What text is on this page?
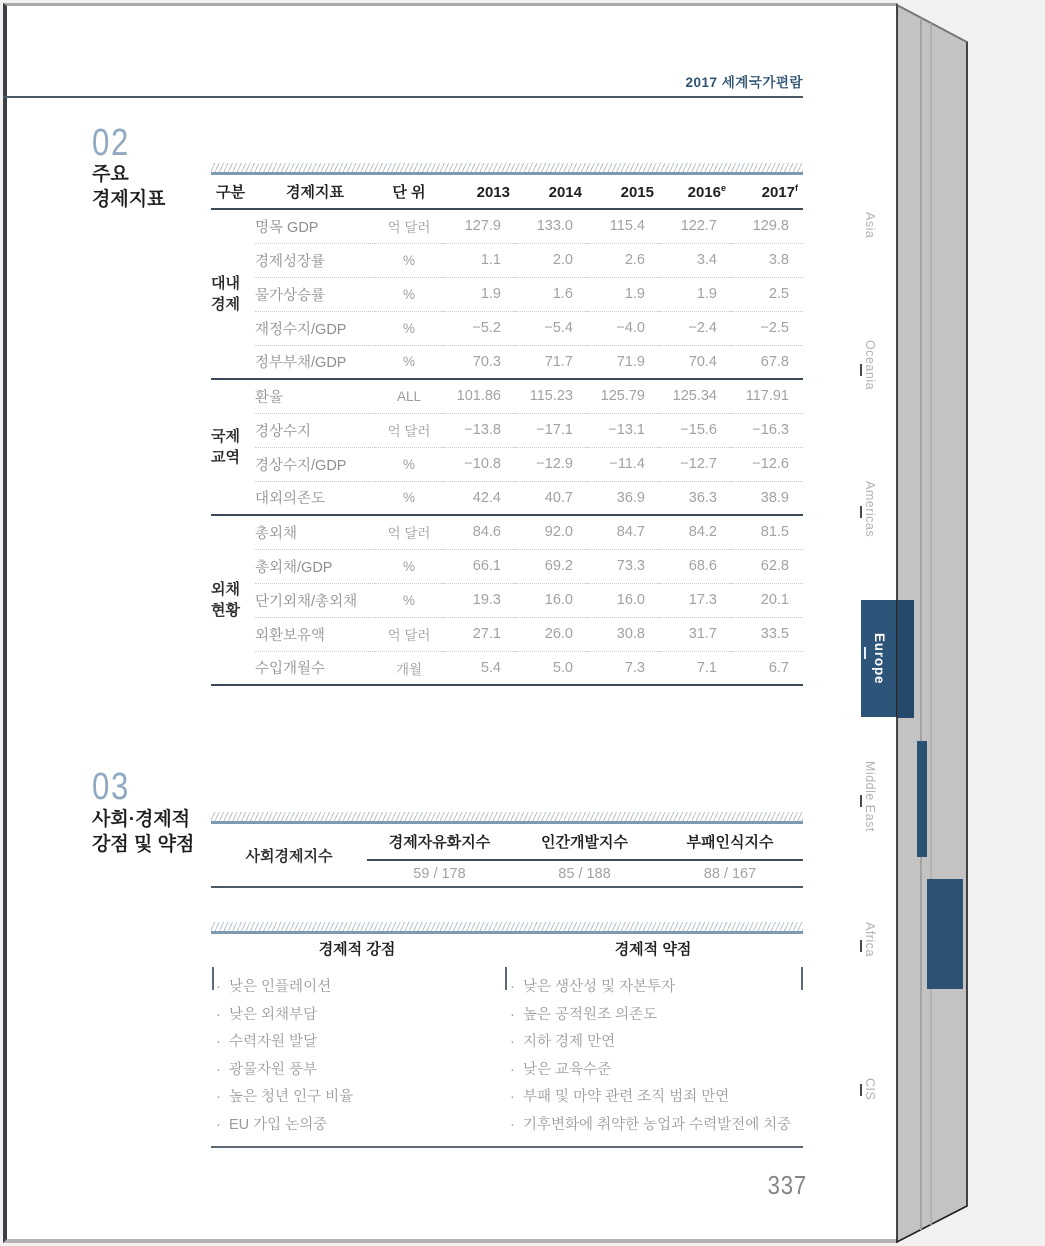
2017 세계국가편람
02
주요
경제지표	구분	경제지표	단 위	2013	2014	2015	2016e	2017$^f$

대내
경제	명목 GDP	억 달러	127.9	133.0	115.4	122.7	129.8
	경제성장률	%	1.1	2.0	2.6	3.4	3.8
	물가상승률	%	1.9	1.6	1.9	1.9	2.5
	재정수지/GDP	%	−5.2	−5.4	−4.0	−2.4	−2.5
	정부부채/GDP	%	70.3	71.7	71.9	70.4	67.8

국제
교역	환율	ALL	101.86	115.23	125.79	125.34	117.91
	경상수지	억 달러	−13.8	−17.1	−13.1	−15.6	−16.3
	경상수지/GDP	%	−10.8	−12.9	−11.4	−12.7	−12.6
	대외의존도	%	42.4	40.7	36.9	36.3	38.9

외채
현황	총외채	억 달러	84.6	92.0	84.7	84.2	81.5
	총외채/GDP	%	66.1	69.2	73.3	68.6	62.8
	단기외채/총외채	%	19.3	16.0	16.0	17.3	20.1
	외환보유액	억 달러	27.1	26.0	30.8	31.7	33.5
	수입개월수	개월	5.4	5.0	7.3	7.1	6.7
03
사회·경제적
강점 및 약점
사회경제지수	경제자유화지수	인간개발지수	부패인식지수
	59 / 178	85 / 188	88 / 167
경제적 강점	경제적 약점
· 낮은 인플레이션
· 낮은 외채부담
· 수력자원 발달
· 광물자원 풍부
· 높은 청년 인구 비율
· EU 가입 논의중
· 낮은 생산성 및 자본투자
· 높은 공적원조 의존도
· 지하 경제 만연
· 낮은 교육수준
· 부패 및 마약 관련 조직 범죄 만연
· 기후변화에 취약한 농업과 수력발전에 치중
337
Asia
Oceania
Americas
Europe
Middle East
Africa
CIS
